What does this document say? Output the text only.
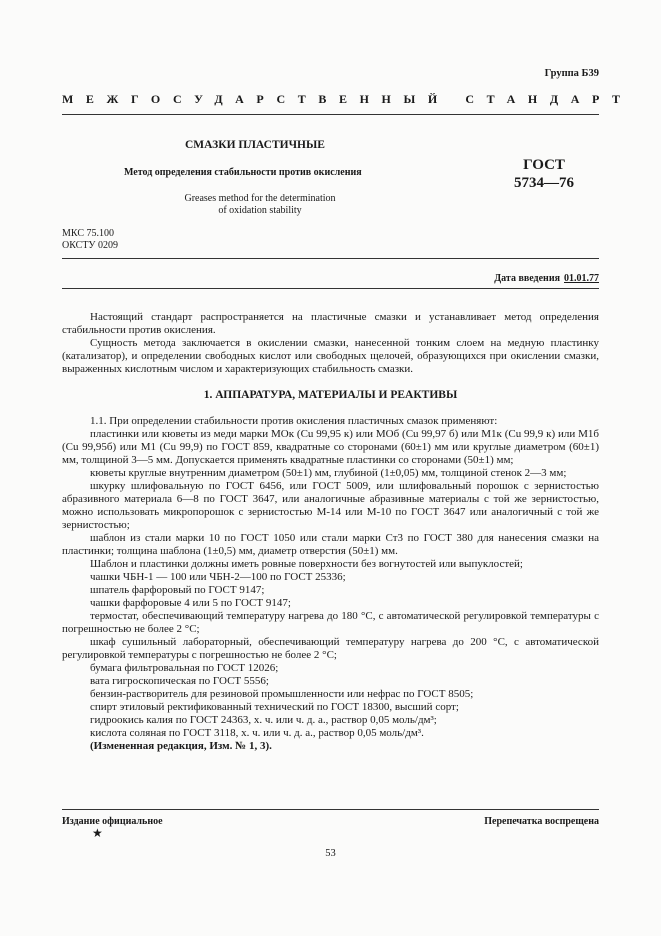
Группа Б39
МЕЖГОСУДАРСТВЕННЫЙ СТАНДАРТ
СМАЗКИ ПЛАСТИЧНЫЕ
Метод определения стабильности против окисления	ГОСТ
5734—76
Greases method for the determination
of oxidation stability
МКС 75.100
ОКСТУ 0209
Дата введения 01.01.77

Настоящий стандарт распространяется на пластичные смазки и устанавливает метод определения стабильности против окисления.

Сущность метода заключается в окислении смазки, нанесенной тонким слоем на медную пластинку (катализатор), и определении свободных кислот или свободных щелочей, образующихся при окислении смазки, выраженных кислотным числом и характеризующих стабильность смазки.

1. АППАРАТУРА, МАТЕРИАЛЫ И РЕАКТИВЫ

1.1. При определении стабильности против окисления пластичных смазок применяют:

пластинки или кюветы из меди марки МОк (Cu 99,95 к) или МОб (Cu 99,97 б) или М1к (Cu 99,9 к) или М1б (Cu 99,95б) или М1 (Cu 99,9) по ГОСТ 859, квадратные со сторонами (60±1) мм или круглые диаметром (60±1) мм, толщиной 3—5 мм. Допускается применять квадратные пластинки со сторонами (50±1) мм;

кюветы круглые внутренним диаметром (50±1) мм, глубиной (1±0,05) мм, толщиной стенок 2—3 мм;

шкурку шлифовальную по ГОСТ 6456, или ГОСТ 5009, или шлифовальный порошок с зернистостью абразивного материала 6—8 по ГОСТ 3647, или аналогичные абразивные материалы с той же зернистостью, можно использовать микропорошок с зернистостью М-14 или М-10 по ГОСТ 3647 или аналогичный с той же зернистостью;

шаблон из стали марки 10 по ГОСТ 1050 или стали марки Ст3 по ГОСТ 380 для нанесения смазки на пластинки; толщина шаблона (1±0,5) мм, диаметр отверстия (50±1) мм.

Шаблон и пластинки должны иметь ровные поверхности без вогнутостей или выпуклостей;

чашки ЧБН-1 — 100 или ЧБН-2—100 по ГОСТ 25336;

шпатель фарфоровый по ГОСТ 9147;

чашки фарфоровые 4 или 5 по ГОСТ 9147;

термостат, обеспечивающий температуру нагрева до 180 °С, с автоматической регулировкой температуры с погрешностью не более 2 °С;

шкаф сушильный лабораторный, обеспечивающий температуру нагрева до 200 °С, с автоматической регулировкой температуры с погрешностью не более 2 °С;

бумага фильтровальная по ГОСТ 12026;

вата гигроскопическая по ГОСТ 5556;

бензин-растворитель для резиновой промышленности или нефрас по ГОСТ 8505;

спирт этиловый ректификованный технический по ГОСТ 18300, высший сорт;

гидроокись калия по ГОСТ 24363, х. ч. или ч. д. а., раствор 0,05 моль/дм³;

кислота соляная по ГОСТ 3118, х. ч. или ч. д. а., раствор 0,05 моль/дм³.

(Измененная редакция, Изм. № 1, 3).

Издание официальное	Перепечатка воспрещена
★
53
